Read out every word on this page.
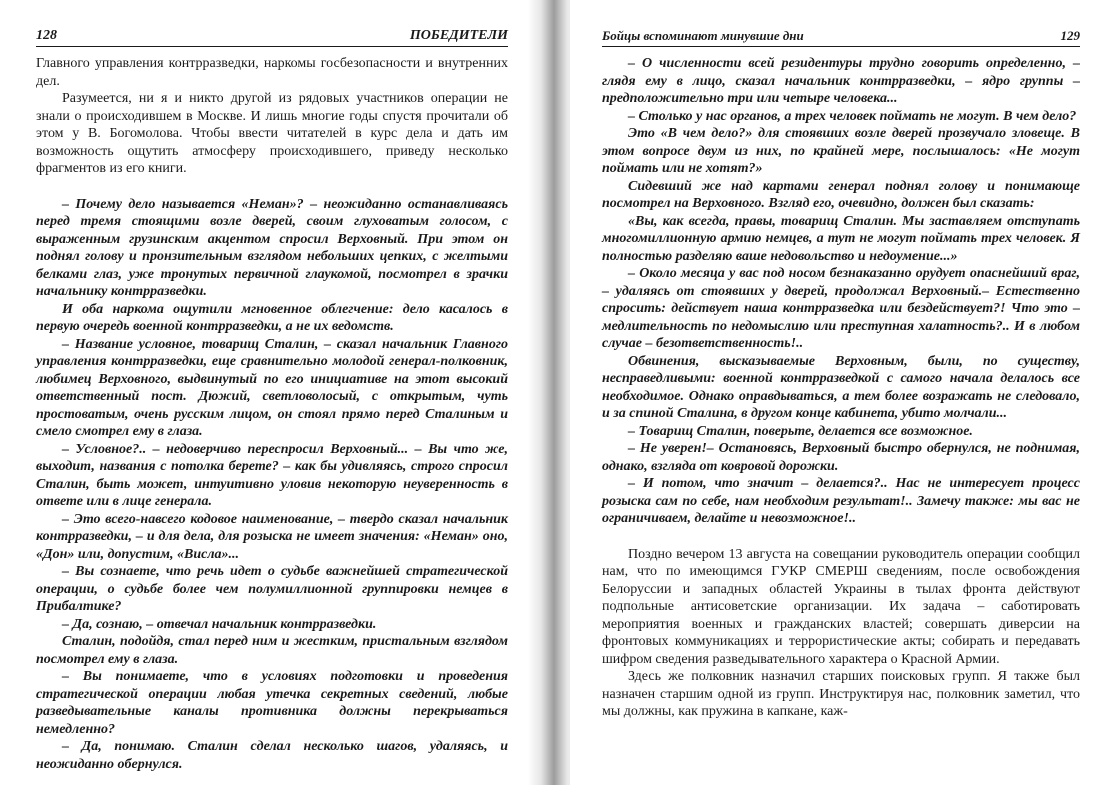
128	ПОБЕДИТЕЛИ

Главного управления контрразведки, наркомы госбезопасности и внутренних дел.

Разумеется, ни я и никто другой из рядовых участников операции не знали о происходившем в Москве. И лишь многие годы спустя прочитали об этом у В. Богомолова. Чтобы ввести читателей в курс дела и дать им возможность ощутить атмосферу происходившего, приведу несколько фрагментов из его книги.

– Почему дело называется «Неман»? – неожиданно останавливаясь перед тремя стоящими возле дверей, своим глуховатым голосом, с выраженным грузинским акцентом спросил Верховный. При этом он поднял голову и пронзительным взглядом небольших цепких, с желтыми белками глаз, уже тронутых первичной глаукомой, посмотрел в зрачки начальнику контрразведки.

И оба наркома ощутили мгновенное облегчение: дело касалось в первую очередь военной контрразведки, а не их ведомств.

– Название условное, товарищ Сталин, – сказал начальник Главного управления контрразведки, еще сравнительно молодой генерал-полковник, любимец Верховного, выдвинутый по его инициативе на этот высокий ответственный пост. Дюжий, светловолосый, с открытым, чуть простоватым, очень русским лицом, он стоял прямо перед Сталиным и смело смотрел ему в глаза.

– Условное?.. – недоверчиво переспросил Верховный... – Вы что же, выходит, названия с потолка берете? – как бы удивляясь, строго спросил Сталин, быть может, интуитивно уловив некоторую неуверенность в ответе или в лице генерала.

– Это всего-навсего кодовое наименование, – твердо сказал начальник контрразведки, – и для дела, для розыска не имеет значения: «Неман» оно, «Дон» или, допустим, «Висла»...

– Вы сознаете, что речь идет о судьбе важнейшей стратегической операции, о судьбе более чем полумиллионной группировки немцев в Прибалтике?

– Да, сознаю, – отвечал начальник контрразведки.

Сталин, подойдя, стал перед ним и жестким, пристальным взглядом посмотрел ему в глаза.

– Вы понимаете, что в условиях подготовки и проведения стратегической операции любая утечка секретных сведений, любые разведывательные каналы противника должны перекрываться немедленно?

– Да, понимаю. Сталин сделал несколько шагов, удаляясь, и неожиданно обернулся.

Бойцы вспоминают минувшие дни	129

– О численности всей резидентуры трудно говорить определенно, – глядя ему в лицо, сказал начальник контрразведки, – ядро группы – предположительно три или четыре человека...

– Столько у нас органов, а трех человек поймать не могут. В чем дело?

Это «В чем дело?» для стоявших возле дверей прозвучало зловеще. В этом вопросе двум из них, по крайней мере, послышалось: «Не могут поймать или не хотят?»

Сидевший же над картами генерал поднял голову и понимающе посмотрел на Верховного. Взгляд его, очевидно, должен был сказать:

«Вы, как всегда, правы, товарищ Сталин. Мы заставляем отступать многомиллионную армию немцев, а тут не могут поймать трех человек. Я полностью разделяю ваше недовольство и недоумение...»

– Около месяца у вас под носом безнаказанно орудует опаснейший враг, – удаляясь от стоявших у дверей, продолжал Верховный.– Естественно спросить: действует наша контрразведка или бездействует?! Что это – медлительность по недомыслию или преступная халатность?.. И в любом случае – безответственность!..

Обвинения, высказываемые Верховным, были, по существу, несправедливыми: военной контрразведкой с самого начала делалось все необходимое. Однако оправдываться, а тем более возражать не следовало, и за спиной Сталина, в другом конце кабинета, убито молчали...

– Товарищ Сталин, поверьте, делается все возможное.

– Не уверен!– Остановясь, Верховный быстро обернулся, не поднимая, однако, взгляда от ковровой дорожки.

– И потом, что значит – делается?.. Нас не интересует процесс розыска сам по себе, нам необходим результат!.. Замечу также: мы вас не ограничиваем, делайте и невозможное!..

Поздно вечером 13 августа на совещании руководитель операции сообщил нам, что по имеющимся ГУКР СМЕРШ сведениям, после освобождения Белоруссии и западных областей Украины в тылах фронта действуют подпольные антисоветские организации. Их задача – саботировать мероприятия военных и гражданских властей; совершать диверсии на фронтовых коммуникациях и террористические акты; собирать и передавать шифром сведения разведывательного характера о Красной Армии.

Здесь же полковник назначил старших поисковых групп. Я также был назначен старшим одной из групп. Инструктируя нас, полковник заметил, что мы должны, как пружина в капкане, каж-
